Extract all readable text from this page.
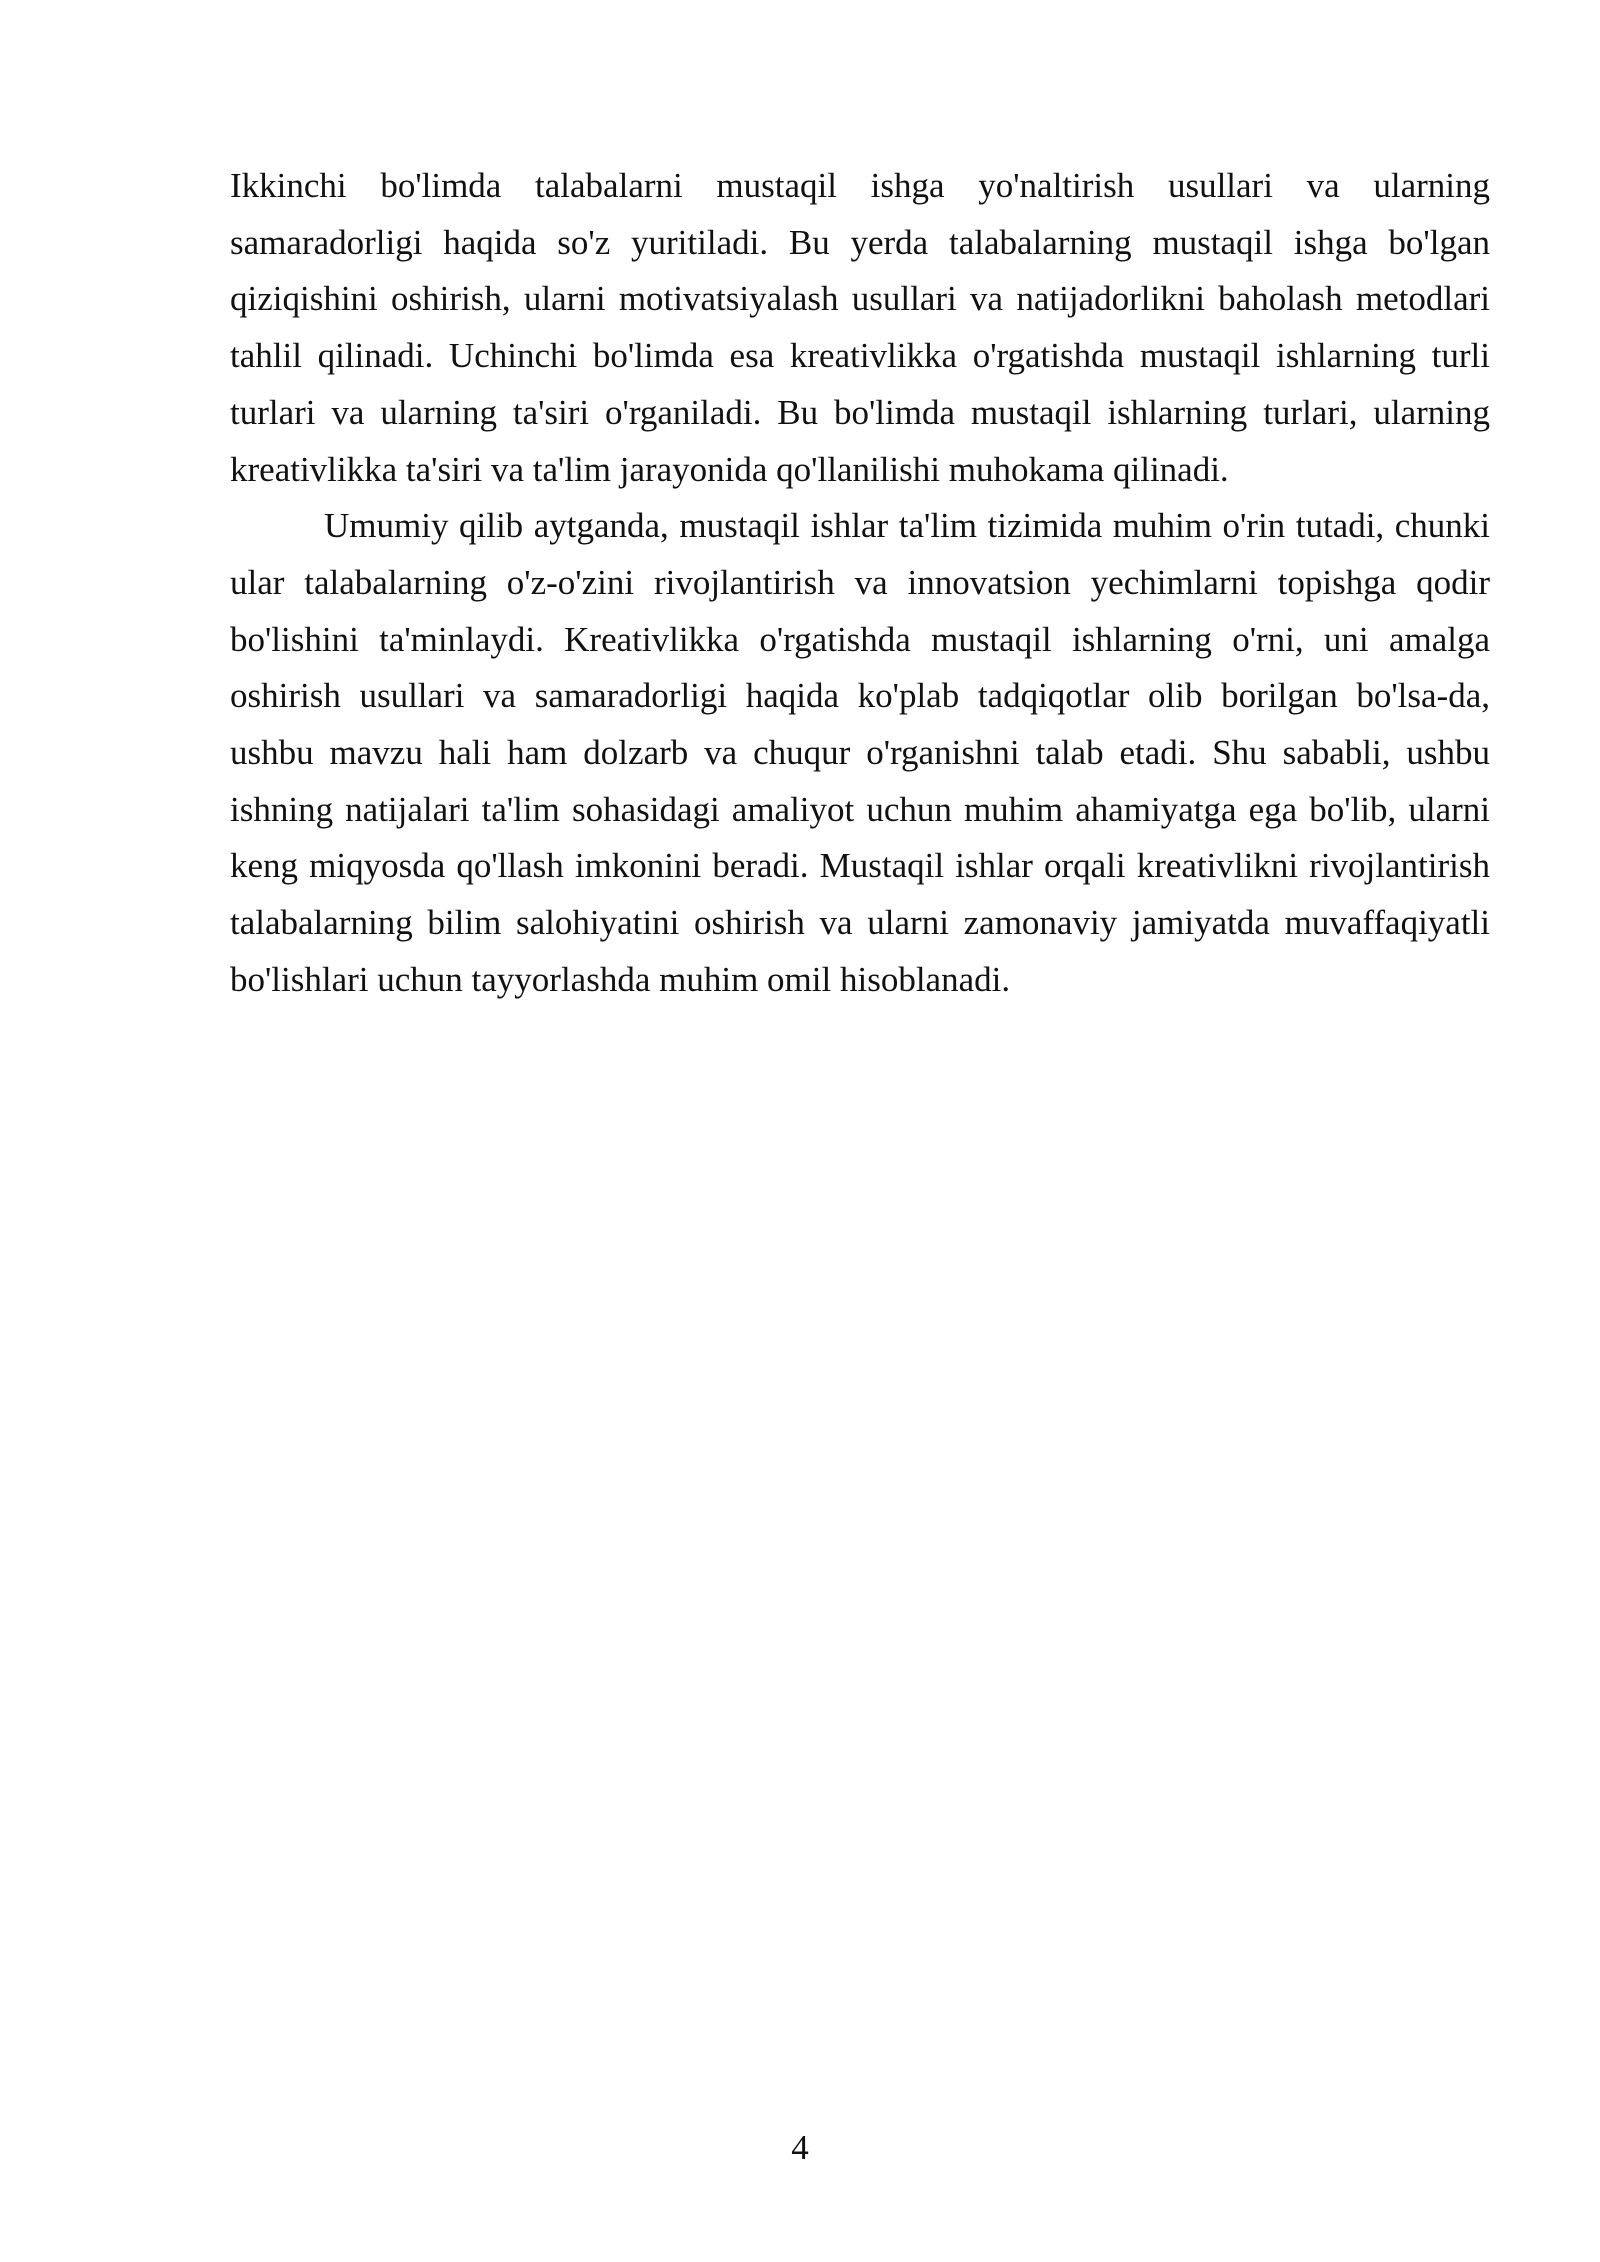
Ikkinchi bo'limda talabalarni mustaqil ishga yo'naltirish usullari va ularning samaradorligi haqida so'z yuritiladi. Bu yerda talabalarning mustaqil ishga bo'lgan qiziqishini oshirish, ularni motivatsiyalash usullari va natijadorlikni baholash metodlari tahlil qilinadi. Uchinchi bo'limda esa kreativlikka o'rgatishda mustaqil ishlarning turli turlari va ularning ta'siri o'rganiladi. Bu bo'limda mustaqil ishlarning turlari, ularning kreativlikka ta'siri va ta'lim jarayonida qo'llanilishi muhokama qilinadi.

Umumiy qilib aytganda, mustaqil ishlar ta'lim tizimida muhim o'rin tutadi, chunki ular talabalarning o'z-o'zini rivojlantirish va innovatsion yechimlarni topishga qodir bo'lishini ta'minlaydi. Kreativlikka o'rgatishda mustaqil ishlarning o'rni, uni amalga oshirish usullari va samaradorligi haqida ko'plab tadqiqotlar olib borilgan bo'lsa-da, ushbu mavzu hali ham dolzarb va chuqur o'rganishni talab etadi. Shu sababli, ushbu ishning natijalari ta'lim sohasidagi amaliyot uchun muhim ahamiyatga ega bo'lib, ularni keng miqyosda qo'llash imkonini beradi. Mustaqil ishlar orqali kreativlikni rivojlantirish talabalarning bilim salohiyatini oshirish va ularni zamonaviy jamiyatda muvaffaqiyatli bo'lishlari uchun tayyorlashda muhim omil hisoblanadi.

4
